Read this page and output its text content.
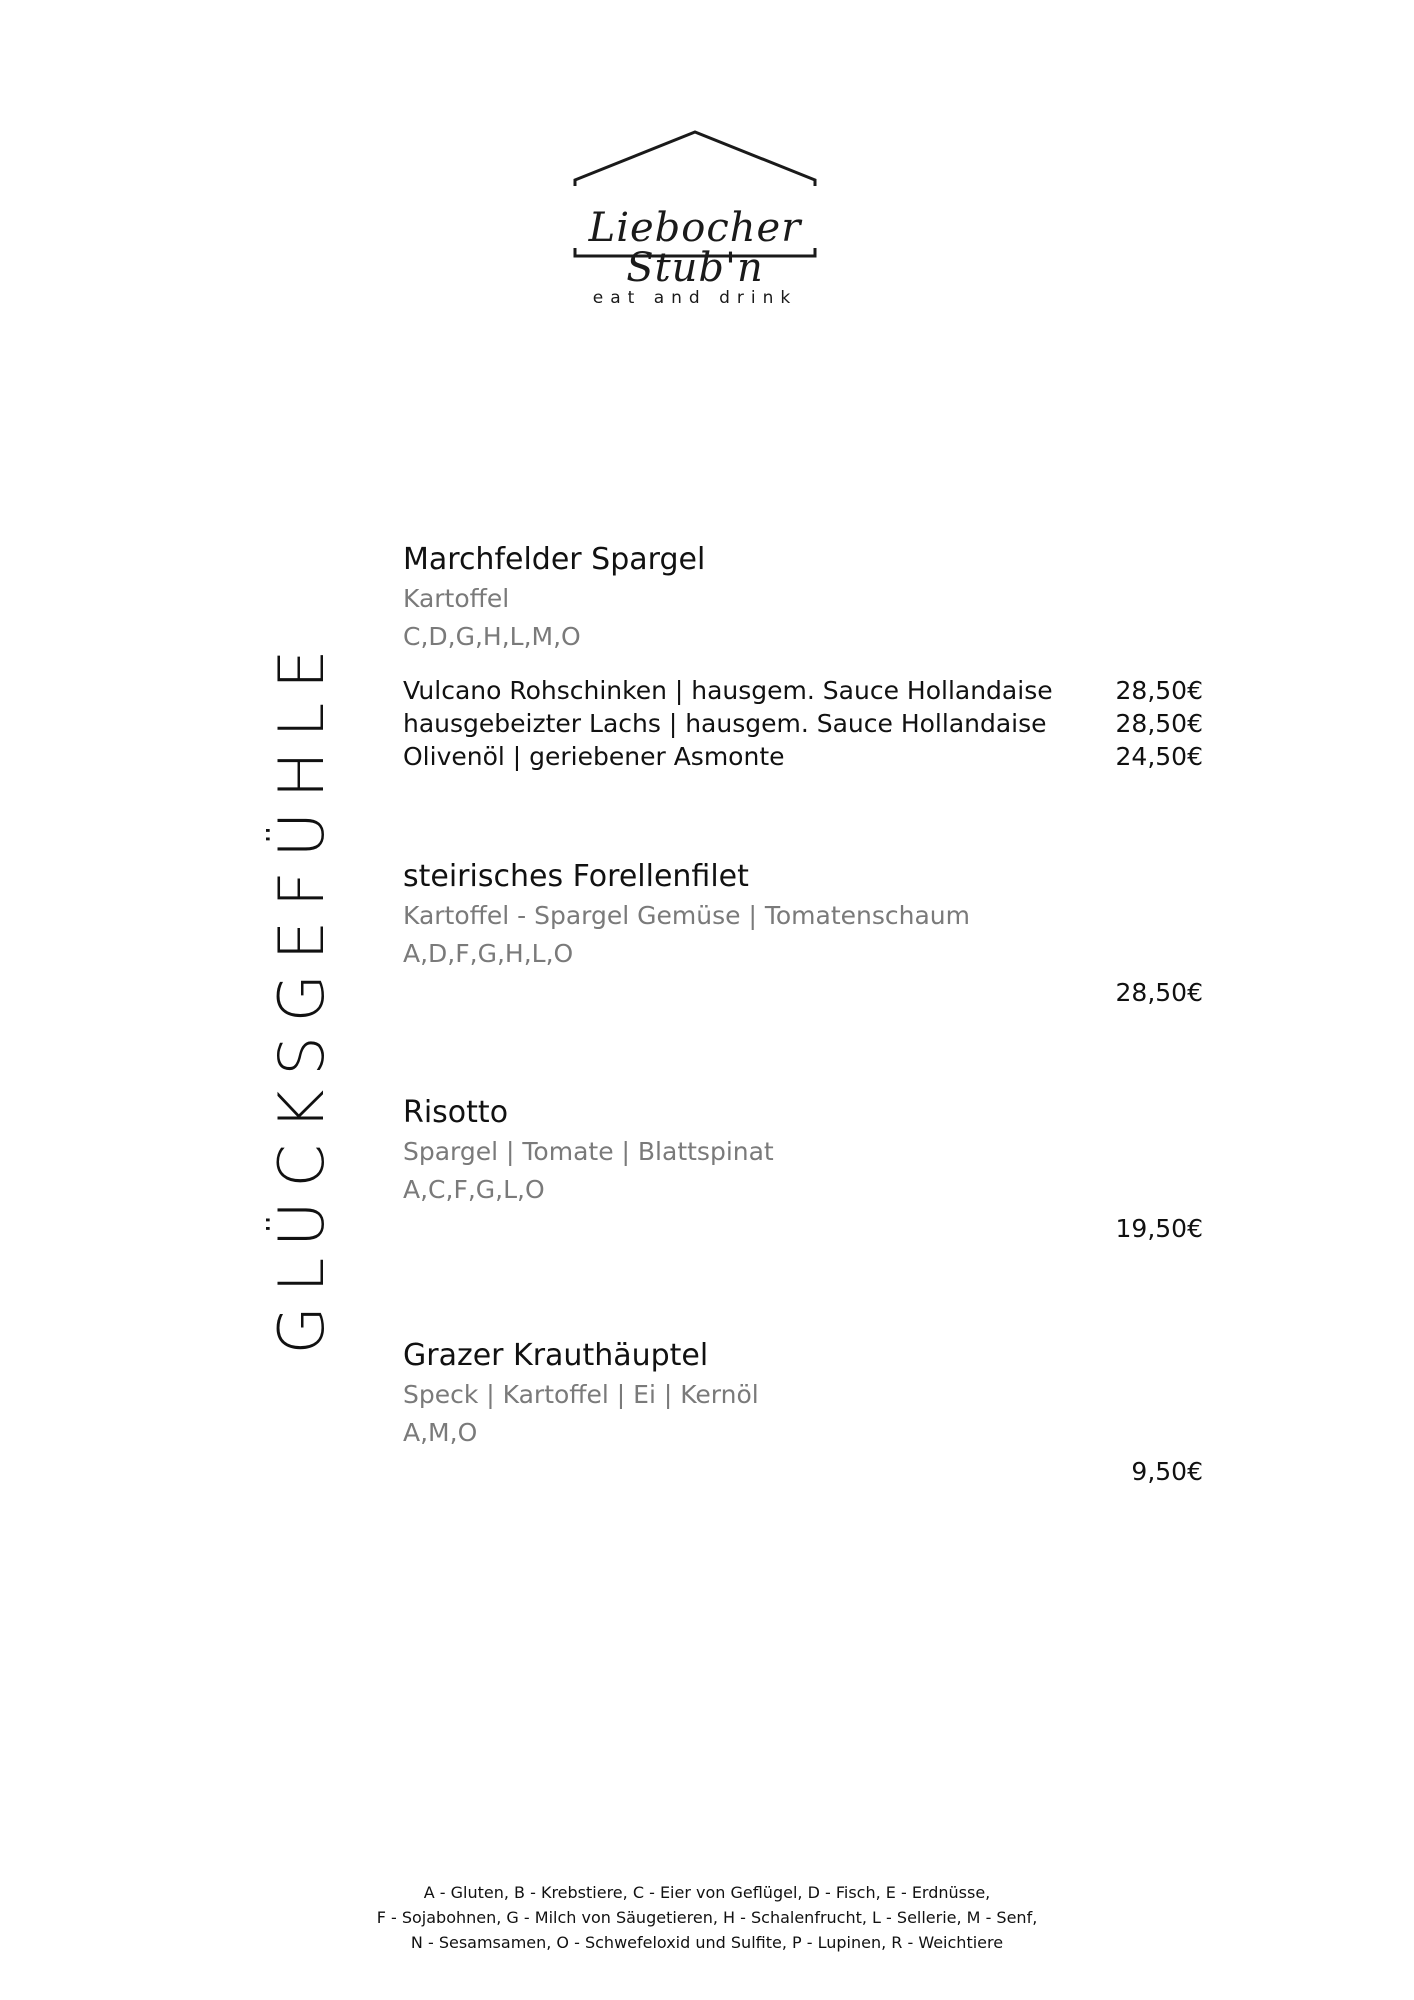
Liebocher Stub'n
eat and drink
GLÜCKSGEFÜHLE
Marchfelder Spargel
Kartoffel
C,D,G,H,L,M,O
Vulcano Rohschinken | hausgem. Sauce Hollandaise	28,50€
hausgebeizter Lachs | hausgem. Sauce Hollandaise	28,50€
Olivenöl | geriebener Asmonte	24,50€
steirisches Forellenfilet
Kartoffel - Spargel Gemüse | Tomatenschaum
A,D,F,G,H,L,O
28,50€
Risotto
Spargel | Tomate | Blattspinat
A,C,F,G,L,O
19,50€
Grazer Krauthäuptel
Speck | Kartoffel | Ei | Kernöl
A,M,O
9,50€
A - Gluten, B - Krebstiere, C - Eier von Geflügel, D - Fisch, E - Erdnüsse,
F - Sojabohnen, G - Milch von Säugetieren, H - Schalenfrucht, L - Sellerie, M - Senf,
N - Sesamsamen, O - Schwefeloxid und Sulfite, P - Lupinen, R - Weichtiere
